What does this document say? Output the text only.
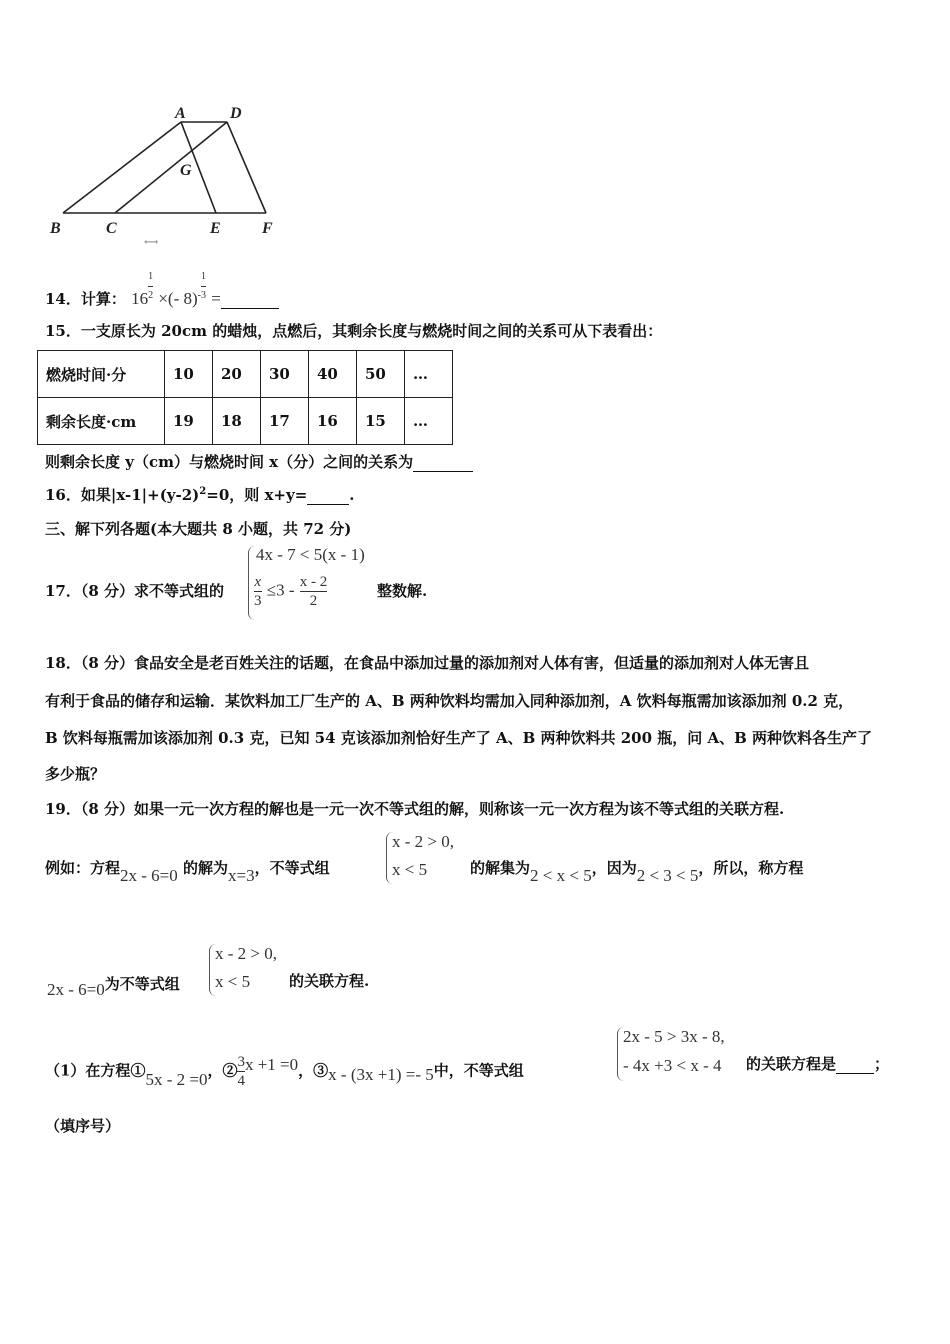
A	D
G
B	C	E	F
⟷
14．计算： $16 \frac{1}{2}$ ×(- $8)^- \frac{1}{3}$ =
15．一支原长为 20cm 的蜡烛，点燃后，其剩余长度与燃烧时间之间的关系可从下表看出：
燃烧时间·分	10	20	30	40	50	…
剩余长度·cm	19	18	17	16	15	…
则剩余长度 y（cm）与燃烧时间 x（分）之间的关系为
16．如果$|x-1|+(y-2)^2=0$，则 x+y=	.
三、解下列各题(本大题共 8 小题，共 72 分)
17．（8 分）求不等式组的
4x - 7 < 5(x - 1)
$\frac{x}{3} \le 3 - \frac{x - 2}{2}$	整数解.
18．（8 分）食品安全是老百姓关注的话题，在食品中添加过量的添加剂对人体有害，但适量的添加剂对人体无害且
有利于食品的储存和运输．某饮料加工厂生产的 A、B 两种饮料均需加入同种添加剂，A 饮料每瓶需加该添加剂 0.2 克，
B 饮料每瓶需加该添加剂 0.3 克，已知 54 克该添加剂恰好生产了 A、B 两种饮料共 200 瓶，问 A、B 两种饮料各生产了
多少瓶？
19．（8 分）如果一元一次方程的解也是一元一次不等式组的解，则称该一元一次方程为该不等式组的关联方程.
例如：方程2x - 6=0 的解为x=3，不等式组
x - 2 > 0,
x < 5	的解集为2 < x < 5，因为2 < 3 < 5，所以，称方程
2x - 6=0为不等式组
x - 2 > 0,
x < 5	的关联方程.
（1）在方程①5x - 2 =0，② $\frac{3}{4}$ x +1 =0，③x - (3x +1) =- 5中，不等式组
2x - 5 > 3x - 8,
- 4x +3 < x - 4 的关联方程是	；
（填序号）
